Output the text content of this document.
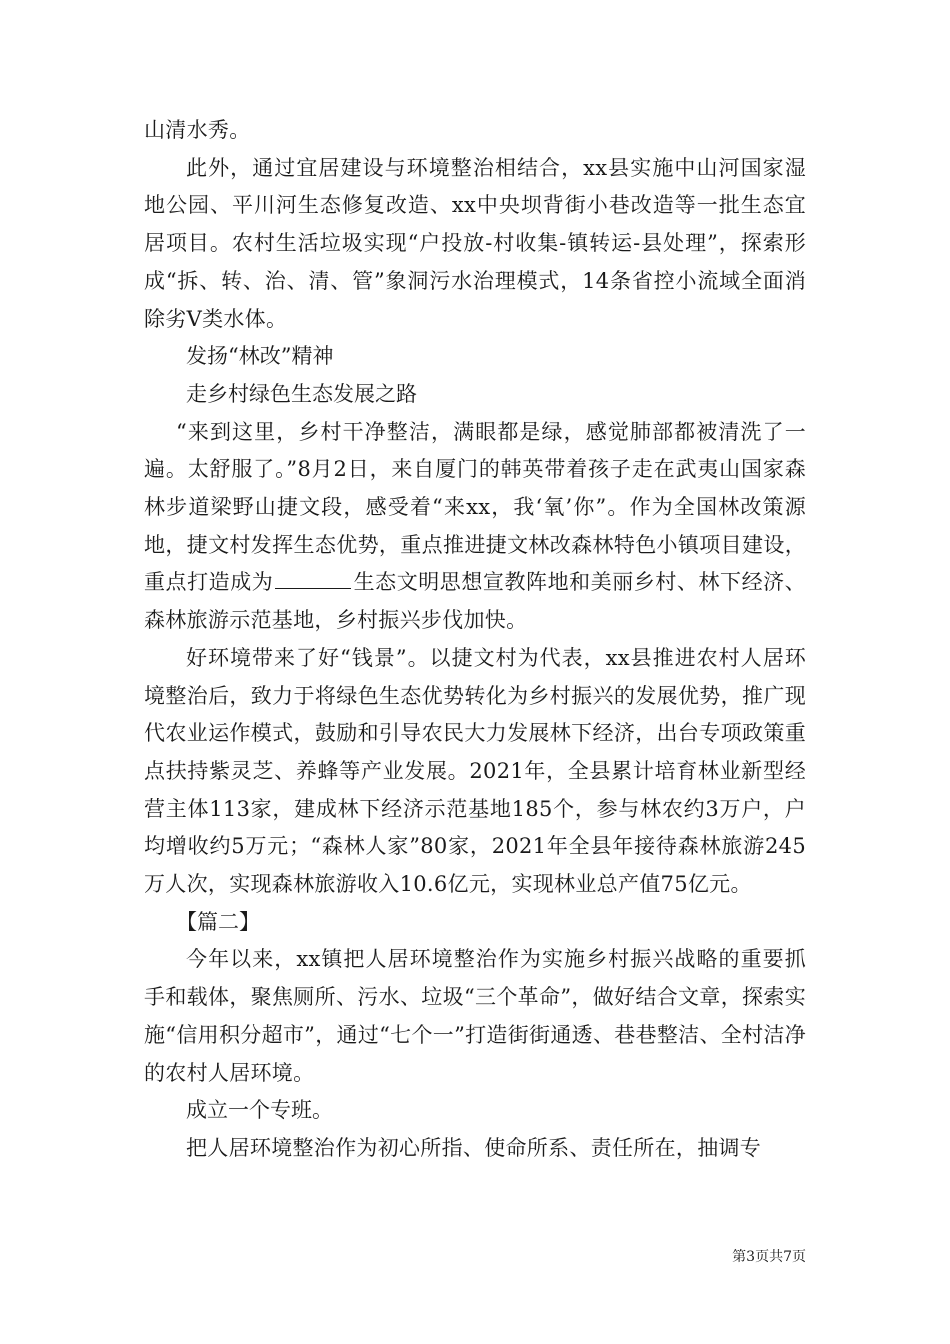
山清水秀。

此外，通过宜居建设与环境整治相结合，xx县实施中山河国家湿地公园、平川河生态修复改造、xx中央坝背街小巷改造等一批生态宜居项目。农村生活垃圾实现“户投放-村收集-镇转运-县处理”，探索形成“拆、转、治、清、管”象洞污水治理模式，14条省控小流域全面消除劣V类水体。

发扬“林改”精神

走乡村绿色生态发展之路

“来到这里，乡村干净整洁，满眼都是绿，感觉肺部都被清洗了一遍。太舒服了。”8月2日，来自厦门的韩英带着孩子走在武夷山国家森林步道梁野山捷文段，感受着“来xx，我‘氧’你”。作为全国林改策源地，捷文村发挥生态优势，重点推进捷文林改森林特色小镇项目建设，重点打造成为	生态文明思想宣教阵地和美丽乡村、林下经济、森林旅游示范基地，乡村振兴步伐加快。

好环境带来了好“钱景”。以捷文村为代表，xx县推进农村人居环境整治后，致力于将绿色生态优势转化为乡村振兴的发展优势，推广现代农业运作模式，鼓励和引导农民大力发展林下经济，出台专项政策重点扶持紫灵芝、养蜂等产业发展。2021年，全县累计培育林业新型经营主体113家，建成林下经济示范基地185个，参与林农约3万户，户均增收约5万元；“森林人家”80家，2021年全县年接待森林旅游245万人次，实现森林旅游收入10.6亿元，实现林业总产值75亿元。

【篇二】

今年以来，xx镇把人居环境整治作为实施乡村振兴战略的重要抓手和载体，聚焦厕所、污水、垃圾“三个革命”，做好结合文章，探索实施“信用积分超市”，通过“七个一”打造街街通透、巷巷整洁、全村洁净的农村人居环境。

成立一个专班。

把人居环境整治作为初心所指、使命所系、责任所在，抽调专

第3页共7页
